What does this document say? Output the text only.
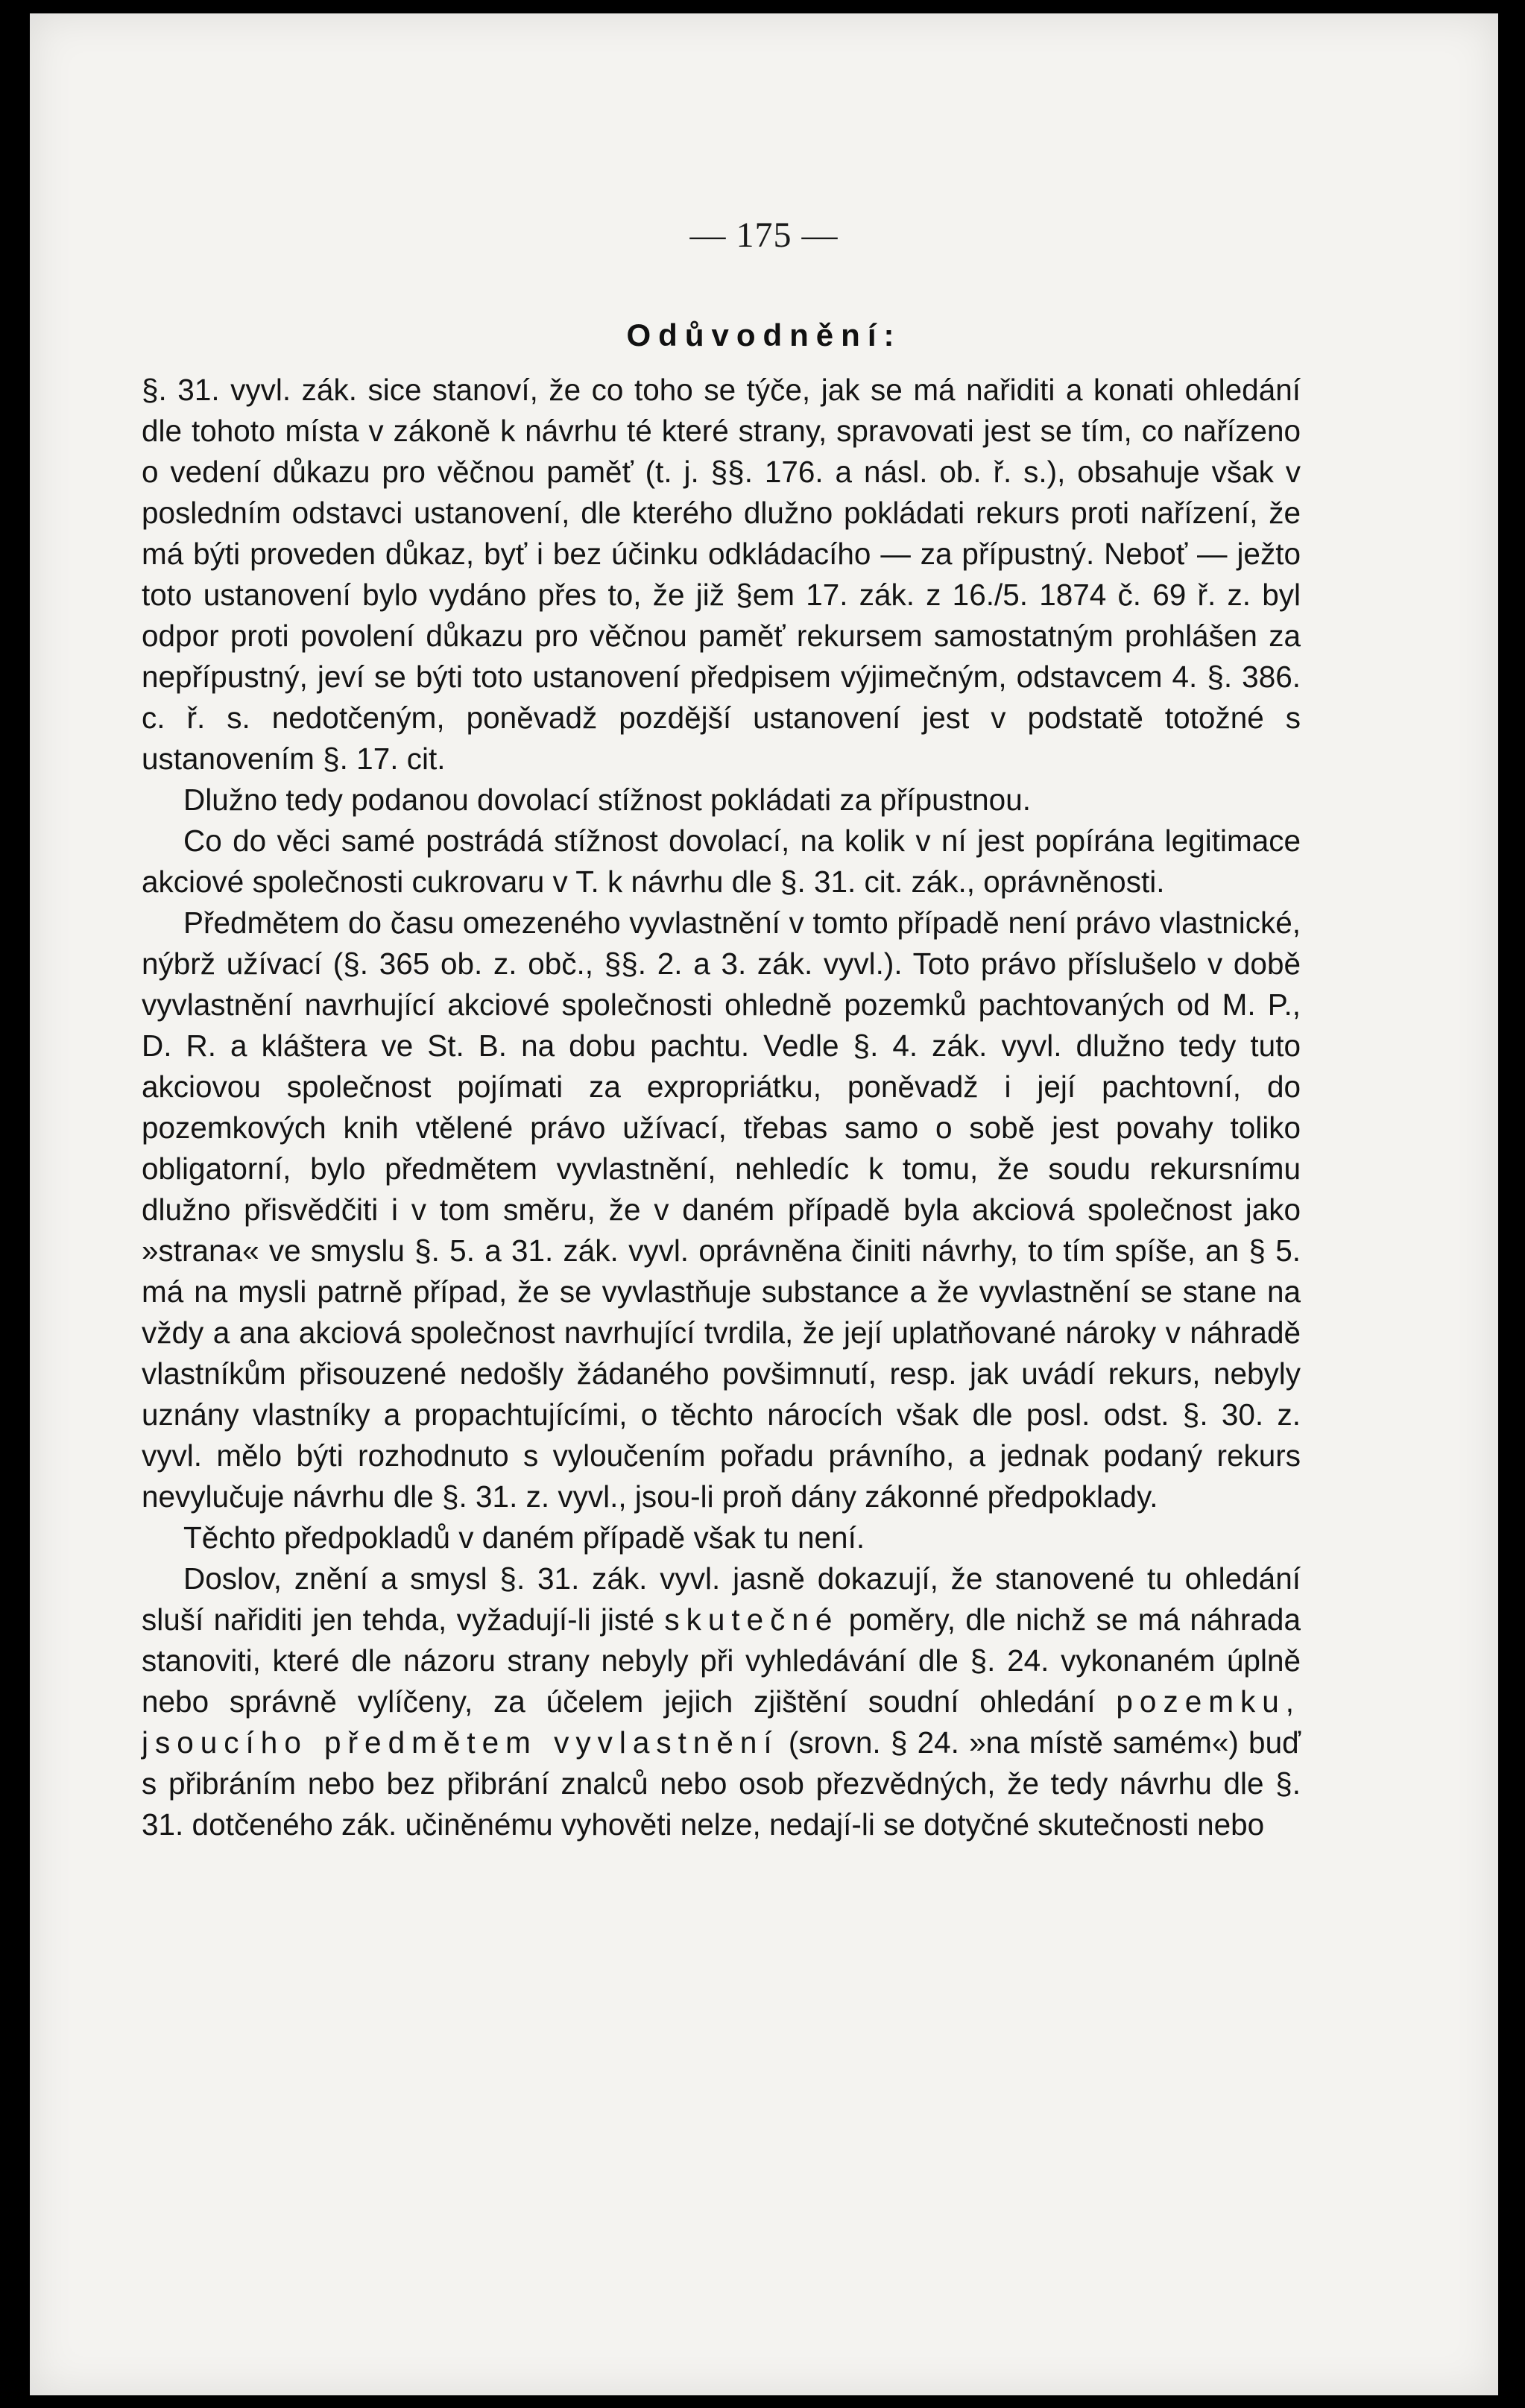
— 175 —
Odůvodnění:

§. 31. vyvl. zák. sice stanoví, že co toho se týče, jak se má nařiditi a konati ohledání dle tohoto místa v zákoně k návrhu té které strany, spravovati jest se tím, co nařízeno o vedení důkazu pro věčnou paměť (t. j. §§. 176. a násl. ob. ř. s.), obsahuje však v posledním odstavci ustanovení, dle kterého dlužno pokládati rekurs proti nařízení, že má býti proveden důkaz, byť i bez účinku odkládacího — za přípustný. Neboť — ježto toto ustanovení bylo vydáno přes to, že již §em 17. zák. z 16./5. 1874 č. 69 ř. z. byl odpor proti povolení důkazu pro věčnou paměť rekursem samostatným prohlášen za nepřípustný, jeví se býti toto ustanovení předpisem výjimečným, odstavcem 4. §. 386. c. ř. s. nedotčeným, poněvadž pozdější ustanovení jest v podstatě totožné s ustanovením §. 17. cit.

Dlužno tedy podanou dovolací stížnost pokládati za přípustnou.

Co do věci samé postrádá stížnost dovolací, na kolik v ní jest popírána legitimace akciové společnosti cukrovaru v T. k návrhu dle §. 31. cit. zák., oprávněnosti.

Předmětem do času omezeného vyvlastnění v tomto případě není právo vlastnické, nýbrž užívací (§. 365 ob. z. obč., §§. 2. a 3. zák. vyvl.). Toto právo příslušelo v době vyvlastnění navrhující akciové společnosti ohledně pozemků pachtovaných od M. P., D. R. a kláštera ve St. B. na dobu pachtu. Vedle §. 4. zák. vyvl. dlužno tedy tuto akciovou společnost pojímati za expropriátku, poněvadž i její pachtovní, do pozemkových knih vtělené právo užívací, třebas samo o sobě jest povahy toliko obligatorní, bylo předmětem vyvlastnění, nehledíc k tomu, že soudu rekursnímu dlužno přisvědčiti i v tom směru, že v daném případě byla akciová společnost jako »strana« ve smyslu §. 5. a 31. zák. vyvl. oprávněna činiti návrhy, to tím spíše, an § 5. má na mysli patrně případ, že se vyvlastňuje substance a že vyvlastnění se stane na vždy a ana akciová společnost navrhující tvrdila, že její uplatňované nároky v náhradě vlastníkům přisouzené nedošly žádaného povšimnutí, resp. jak uvádí rekurs, nebyly uznány vlastníky a propachtujícími, o těchto nárocích však dle posl. odst. §. 30. z. vyvl. mělo býti rozhodnuto s vyloučením pořadu právního, a jednak podaný rekurs nevylučuje návrhu dle §. 31. z. vyvl., jsou-li proň dány zákonné předpoklady.

Těchto předpokladů v daném případě však tu není.

Doslov, znění a smysl §. 31. zák. vyvl. jasně dokazují, že stanovené tu ohledání sluší nařiditi jen tehda, vyžadují-li jisté skutečné poměry, dle nichž se má náhrada stanoviti, které dle názoru strany nebyly při vyhledávání dle §. 24. vykonaném úplně nebo správně vylíčeny, za účelem jejich zjištění soudní ohledání pozemku, jsoucího předmětem vyvlastnění (srovn. § 24. »na místě samém«) buď s přibráním nebo bez přibrání znalců nebo osob přezvědných, že tedy návrhu dle §. 31. dotčeného zák. učiněnému vyhověti nelze, nedají-li se dotyčné skutečnosti nebo
